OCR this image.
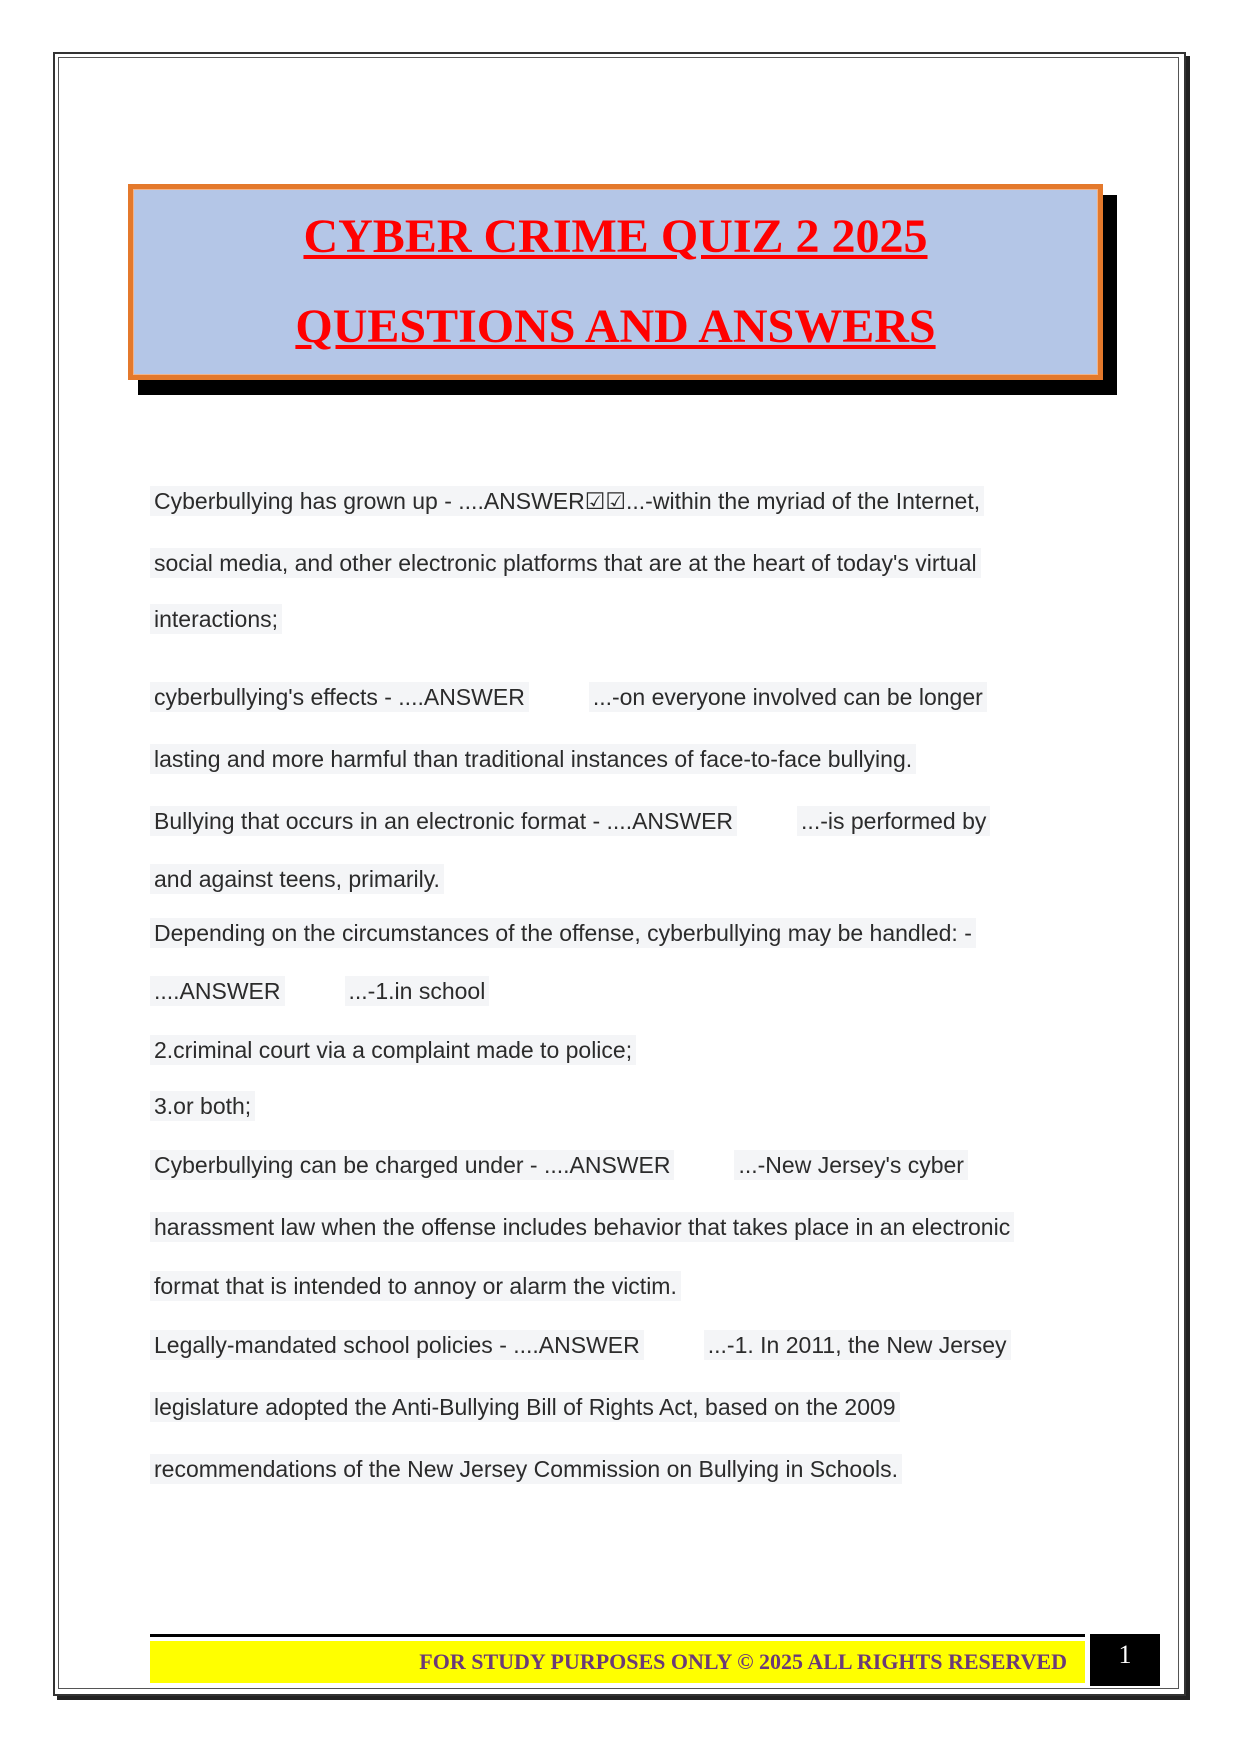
CYBER CRIME QUIZ 2 2025
QUESTIONS AND ANSWERS
Cyberbullying has grown up - ....ANSWER☑☑...-within the myriad of the Internet,
social media, and other electronic platforms that are at the heart of today's virtual
interactions;
cyberbullying's effects - ....ANSWER	...-on everyone involved can be longer
lasting and more harmful than traditional instances of face-to-face bullying.
Bullying that occurs in an electronic format - ....ANSWER	...-is performed by
and against teens, primarily.
Depending on the circumstances of the offense, cyberbullying may be handled: -
....ANSWER	...-1.in school
2.criminal court via a complaint made to police;
3.or both;
Cyberbullying can be charged under - ....ANSWER	...-New Jersey's cyber
harassment law when the offense includes behavior that takes place in an electronic
format that is intended to annoy or alarm the victim.
Legally-mandated school policies - ....ANSWER	...-1. In 2011, the New Jersey
legislature adopted the Anti-Bullying Bill of Rights Act, based on the 2009
recommendations of the New Jersey Commission on Bullying in Schools.
FOR STUDY PURPOSES ONLY © 2025 ALL RIGHTS RESERVED	1
